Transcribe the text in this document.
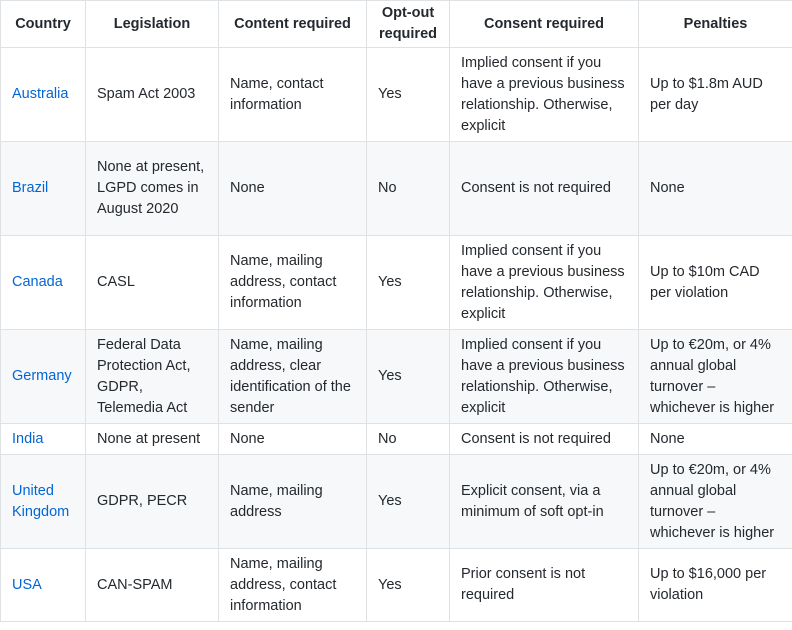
Country	Legislation	Content required	Opt-out required	Consent required	Penalties
Australia	Spam Act 2003	Name, contact information	Yes	Implied consent if you have a previous business relationship. Otherwise, explicit	Up to $1.8m AUD per day
Brazil	None at present, LGPD comes in August 2020	None	No	Consent is not required	None
Canada	CASL	Name, mailing address, contact information	Yes	Implied consent if you have a previous business relationship. Otherwise, explicit	Up to $10m CAD per violation
Germany	Federal Data Protection Act, GDPR, Telemedia Act	Name, mailing address, clear identification of the sender	Yes	Implied consent if you have a previous business relationship. Otherwise, explicit	Up to €20m, or 4% annual global turnover – whichever is higher
India	None at present	None	No	Consent is not required	None
United Kingdom	GDPR, PECR	Name, mailing address	Yes	Explicit consent, via a minimum of soft opt-in	Up to €20m, or 4% annual global turnover – whichever is higher
USA	CAN-SPAM	Name, mailing address, contact information	Yes	Prior consent is not required	Up to $16,000 per violation
